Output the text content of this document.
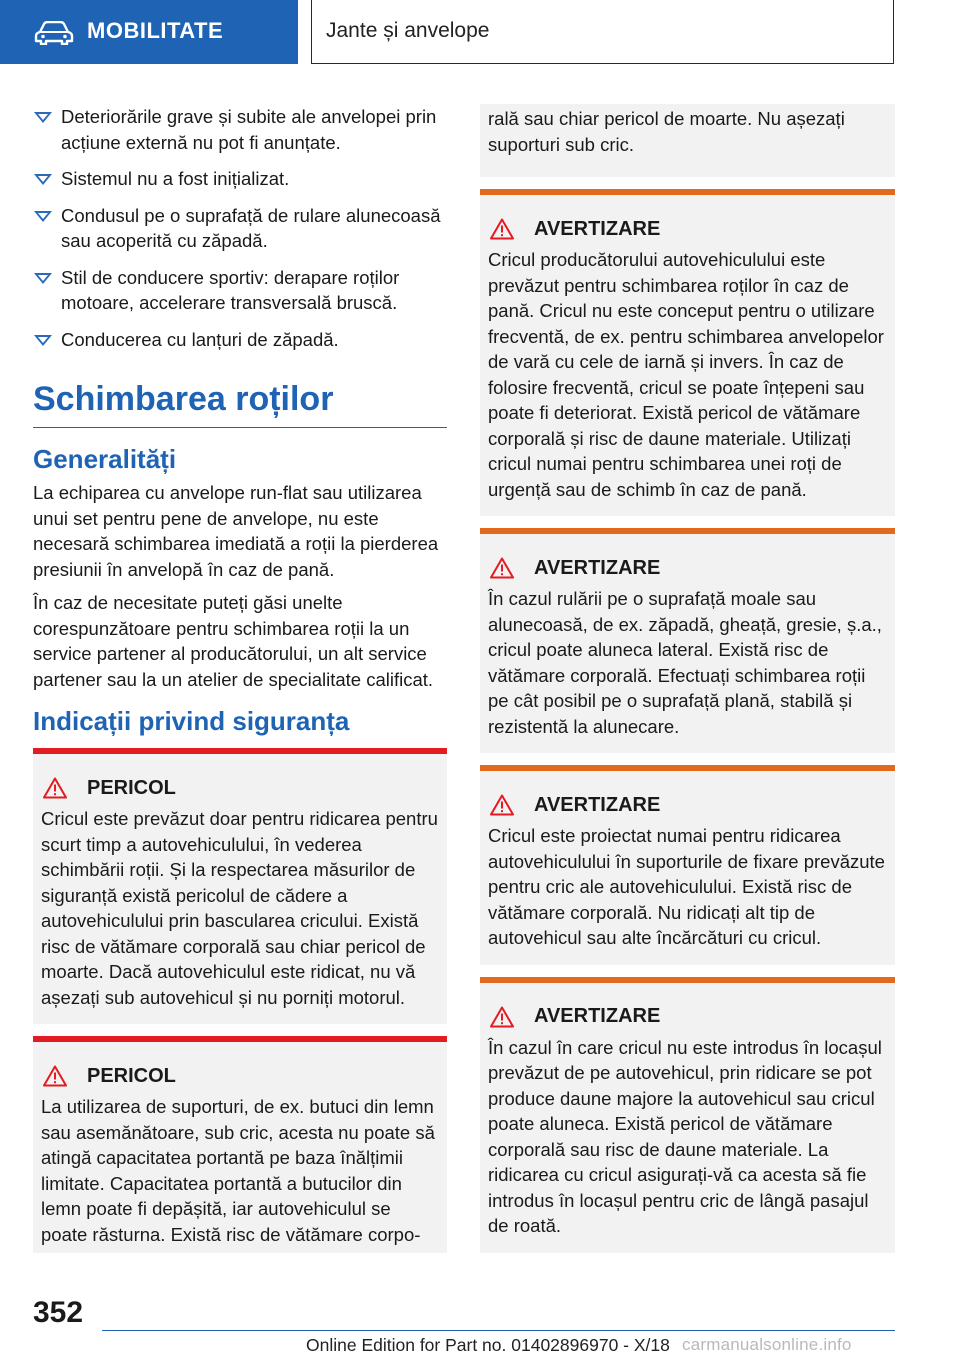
MOBILITATE	Jante și anvelope
Deteriorările grave și subite ale anvelopei prin acțiune externă nu pot fi anunțate.
Sistemul nu a fost inițializat.
Condusul pe o suprafață de rulare alunecoasă sau acoperită cu zăpadă.
Stil de conducere sportiv: derapare roților motoare, accelerare transversală bruscă.
Conducerea cu lanțuri de zăpadă.
Schimbarea roților
Generalități

La echiparea cu anvelope run-flat sau utilizarea unui set pentru pene de anvelope, nu este necesară schimbarea imediată a roții la pierderea presiunii în anvelopă în caz de pană.

În caz de necesitate puteți găsi unelte corespunzătoare pentru schimbarea roții la un service partener al producătorului, un alt service partener sau la un atelier de specialitate calificat.

Indicații privind siguranța
PERICOL

Cricul este prevăzut doar pentru ridicarea pentru scurt timp a autovehiculului, în vederea schimbării roții. Și la respectarea măsurilor de siguranță există pericolul de cădere a autovehiculului prin bascularea cricului. Există risc de vătămare corporală sau chiar pericol de moarte. Dacă autovehiculul este ridicat, nu vă așezați sub autovehicul și nu porniți motorul.

PERICOL

La utilizarea de suporturi, de ex. butuci din lemn sau asemănătoare, sub cric, acesta nu poate să atingă capacitatea portantă pe baza înălțimii limitate. Capacitatea portantă a butucilor din lemn poate fi depășită, iar autovehiculul se poate răsturna. Există risc de vătămare corpo-

rală sau chiar pericol de moarte. Nu așezați suporturi sub cric.

AVERTIZARE

Cricul producătorului autovehiculului este prevăzut pentru schimbarea roților în caz de pană. Cricul nu este conceput pentru o utilizare frecventă, de ex. pentru schimbarea anvelopelor de vară cu cele de iarnă și invers. În caz de folosire frecventă, cricul se poate înțepeni sau poate fi deteriorat. Există pericol de vătămare corporală și risc de daune materiale. Utilizați cricul numai pentru schimbarea unei roți de urgență sau de schimb în caz de pană.

AVERTIZARE

În cazul rulării pe o suprafață moale sau alunecoasă, de ex. zăpadă, gheață, gresie, ș.a., cricul poate aluneca lateral. Există risc de vătămare corporală. Efectuați schimbarea roții pe cât posibil pe o suprafață plană, stabilă și rezistentă la alunecare.

AVERTIZARE

Cricul este proiectat numai pentru ridicarea autovehiculului în suporturile de fixare prevăzute pentru cric ale autovehiculului. Există risc de vătămare corporală. Nu ridicați alt tip de autovehicul sau alte încărcături cu cricul.

AVERTIZARE

În cazul în care cricul nu este introdus în locașul prevăzut de pe autovehicul, prin ridicare se pot produce daune majore la autovehicul sau cricul poate aluneca. Există pericol de vătămare corporală sau risc de daune materiale. La ridicarea cu cricul asigurați-vă ca acesta să fie introdus în locașul pentru cric de lângă pasajul de roată.

352
Online Edition for Part no. 01402896970 - X/18 carmanualsonline.info
